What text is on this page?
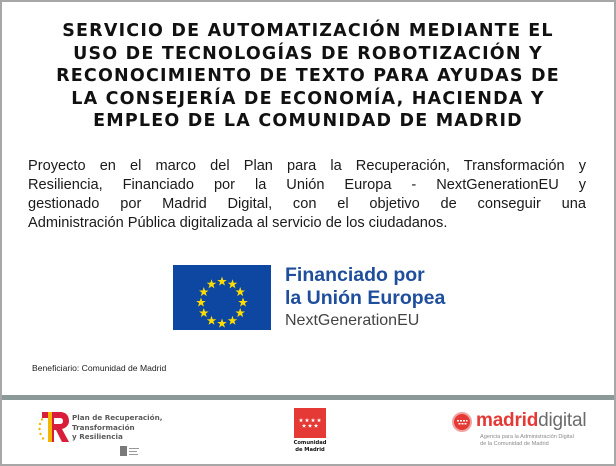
SERVICIO DE AUTOMATIZACIÓN MEDIANTE EL
USO DE TECNOLOGÍAS DE ROBOTIZACIÓN Y
RECONOCIMIENTO DE TEXTO PARA AYUDAS DE
LA CONSEJERÍA DE ECONOMÍA, HACIENDA Y
EMPLEO DE LA COMUNIDAD DE MADRID
Proyecto en el marco del Plan para la Recuperación, Transformación y
Resiliencia, Financiado por la Unión Europa - NextGenerationEU y
gestionado por Madrid Digital, con el objetivo de conseguir una
Administración Pública digitalizada al servicio de los ciudadanos.
Financiado por
la Unión Europea
NextGenerationEU
Beneficiario: Comunidad de Madrid
Plan de Recuperación,
Transformación
y Resiliencia
Comunidad
de Madrid
madriddigital
Agencia para la Administración Digital
de la Comunidad de Madrid
